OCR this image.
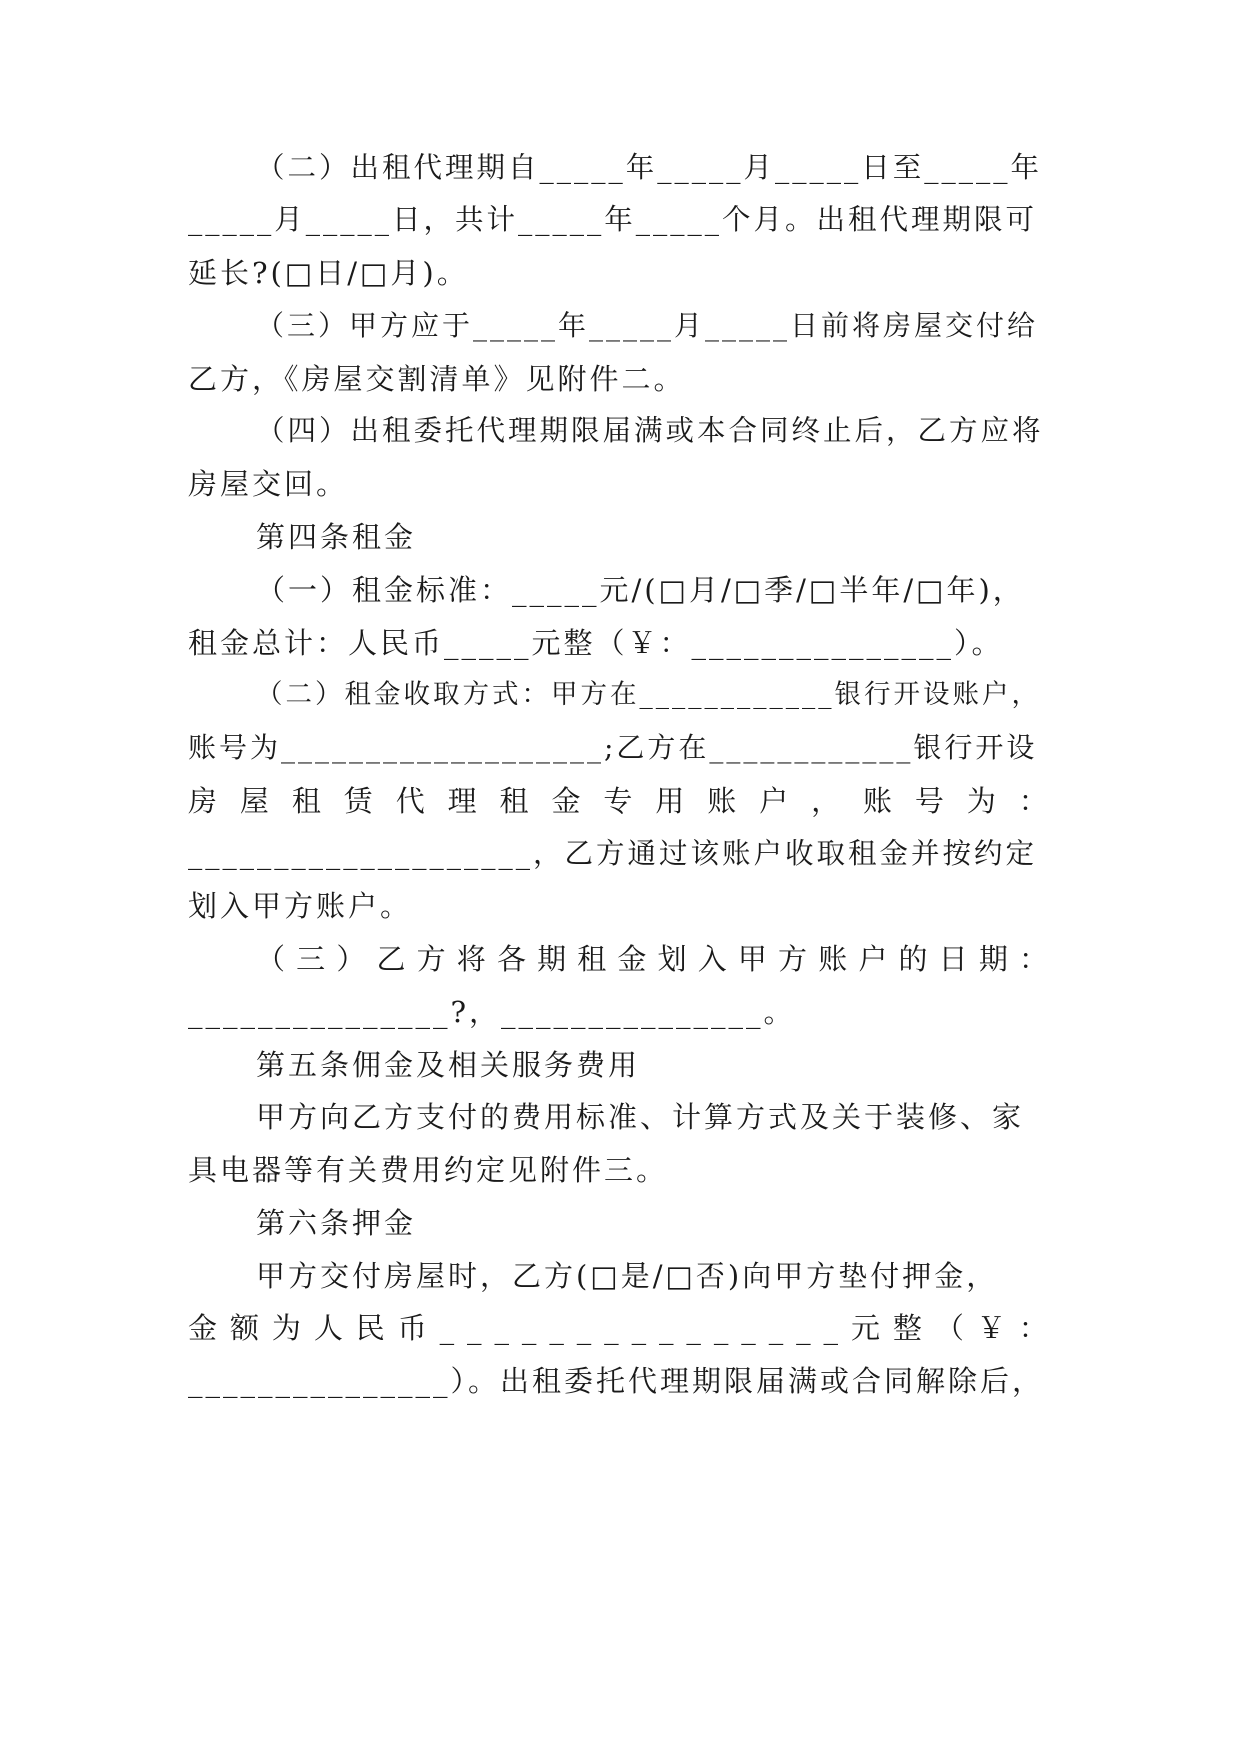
（二）出租代理期自_____年_____月_____日至_____年
_____月_____日，共计_____年_____个月。出租代理期限可
延长?(□日/□月)。
（三）甲方应于_____年_____月_____日前将房屋交付给
乙方，《房屋交割清单》见附件二。
（四）出租委托代理期限届满或本合同终止后，乙方应将
房屋交回。
第四条租金
（一）租金标准：_____元/(□月/□季/□半年/□年)，
租金总计：人民币_____元整（￥：_______________）。
（二）租金收取方式：甲方在____________银行开设账户，
账号为___________________;乙方在____________银行开设
房 屋 租 赁 代 理 租 金 专 用 账 户 ， 账 号 为 ：
____________________，乙方通过该账户收取租金并按约定
划入甲方账户。
（ 三 ） 乙 方 将 各 期 租 金 划 入 甲 方 账 户 的 日 期 ：
_______________?，_______________。
第五条佣金及相关服务费用
甲方向乙方支付的费用标准、计算方式及关于装修、家
具电器等有关费用约定见附件三。
第六条押金
甲方交付房屋时，乙方(□是/□否)向甲方垫付押金，
金 额 为 人 民 币 _ _ _ _ _ _ _ _ _ _ _ _ _ _ _ 元 整 （ ￥ ：
_______________）。出租委托代理期限届满或合同解除后，
